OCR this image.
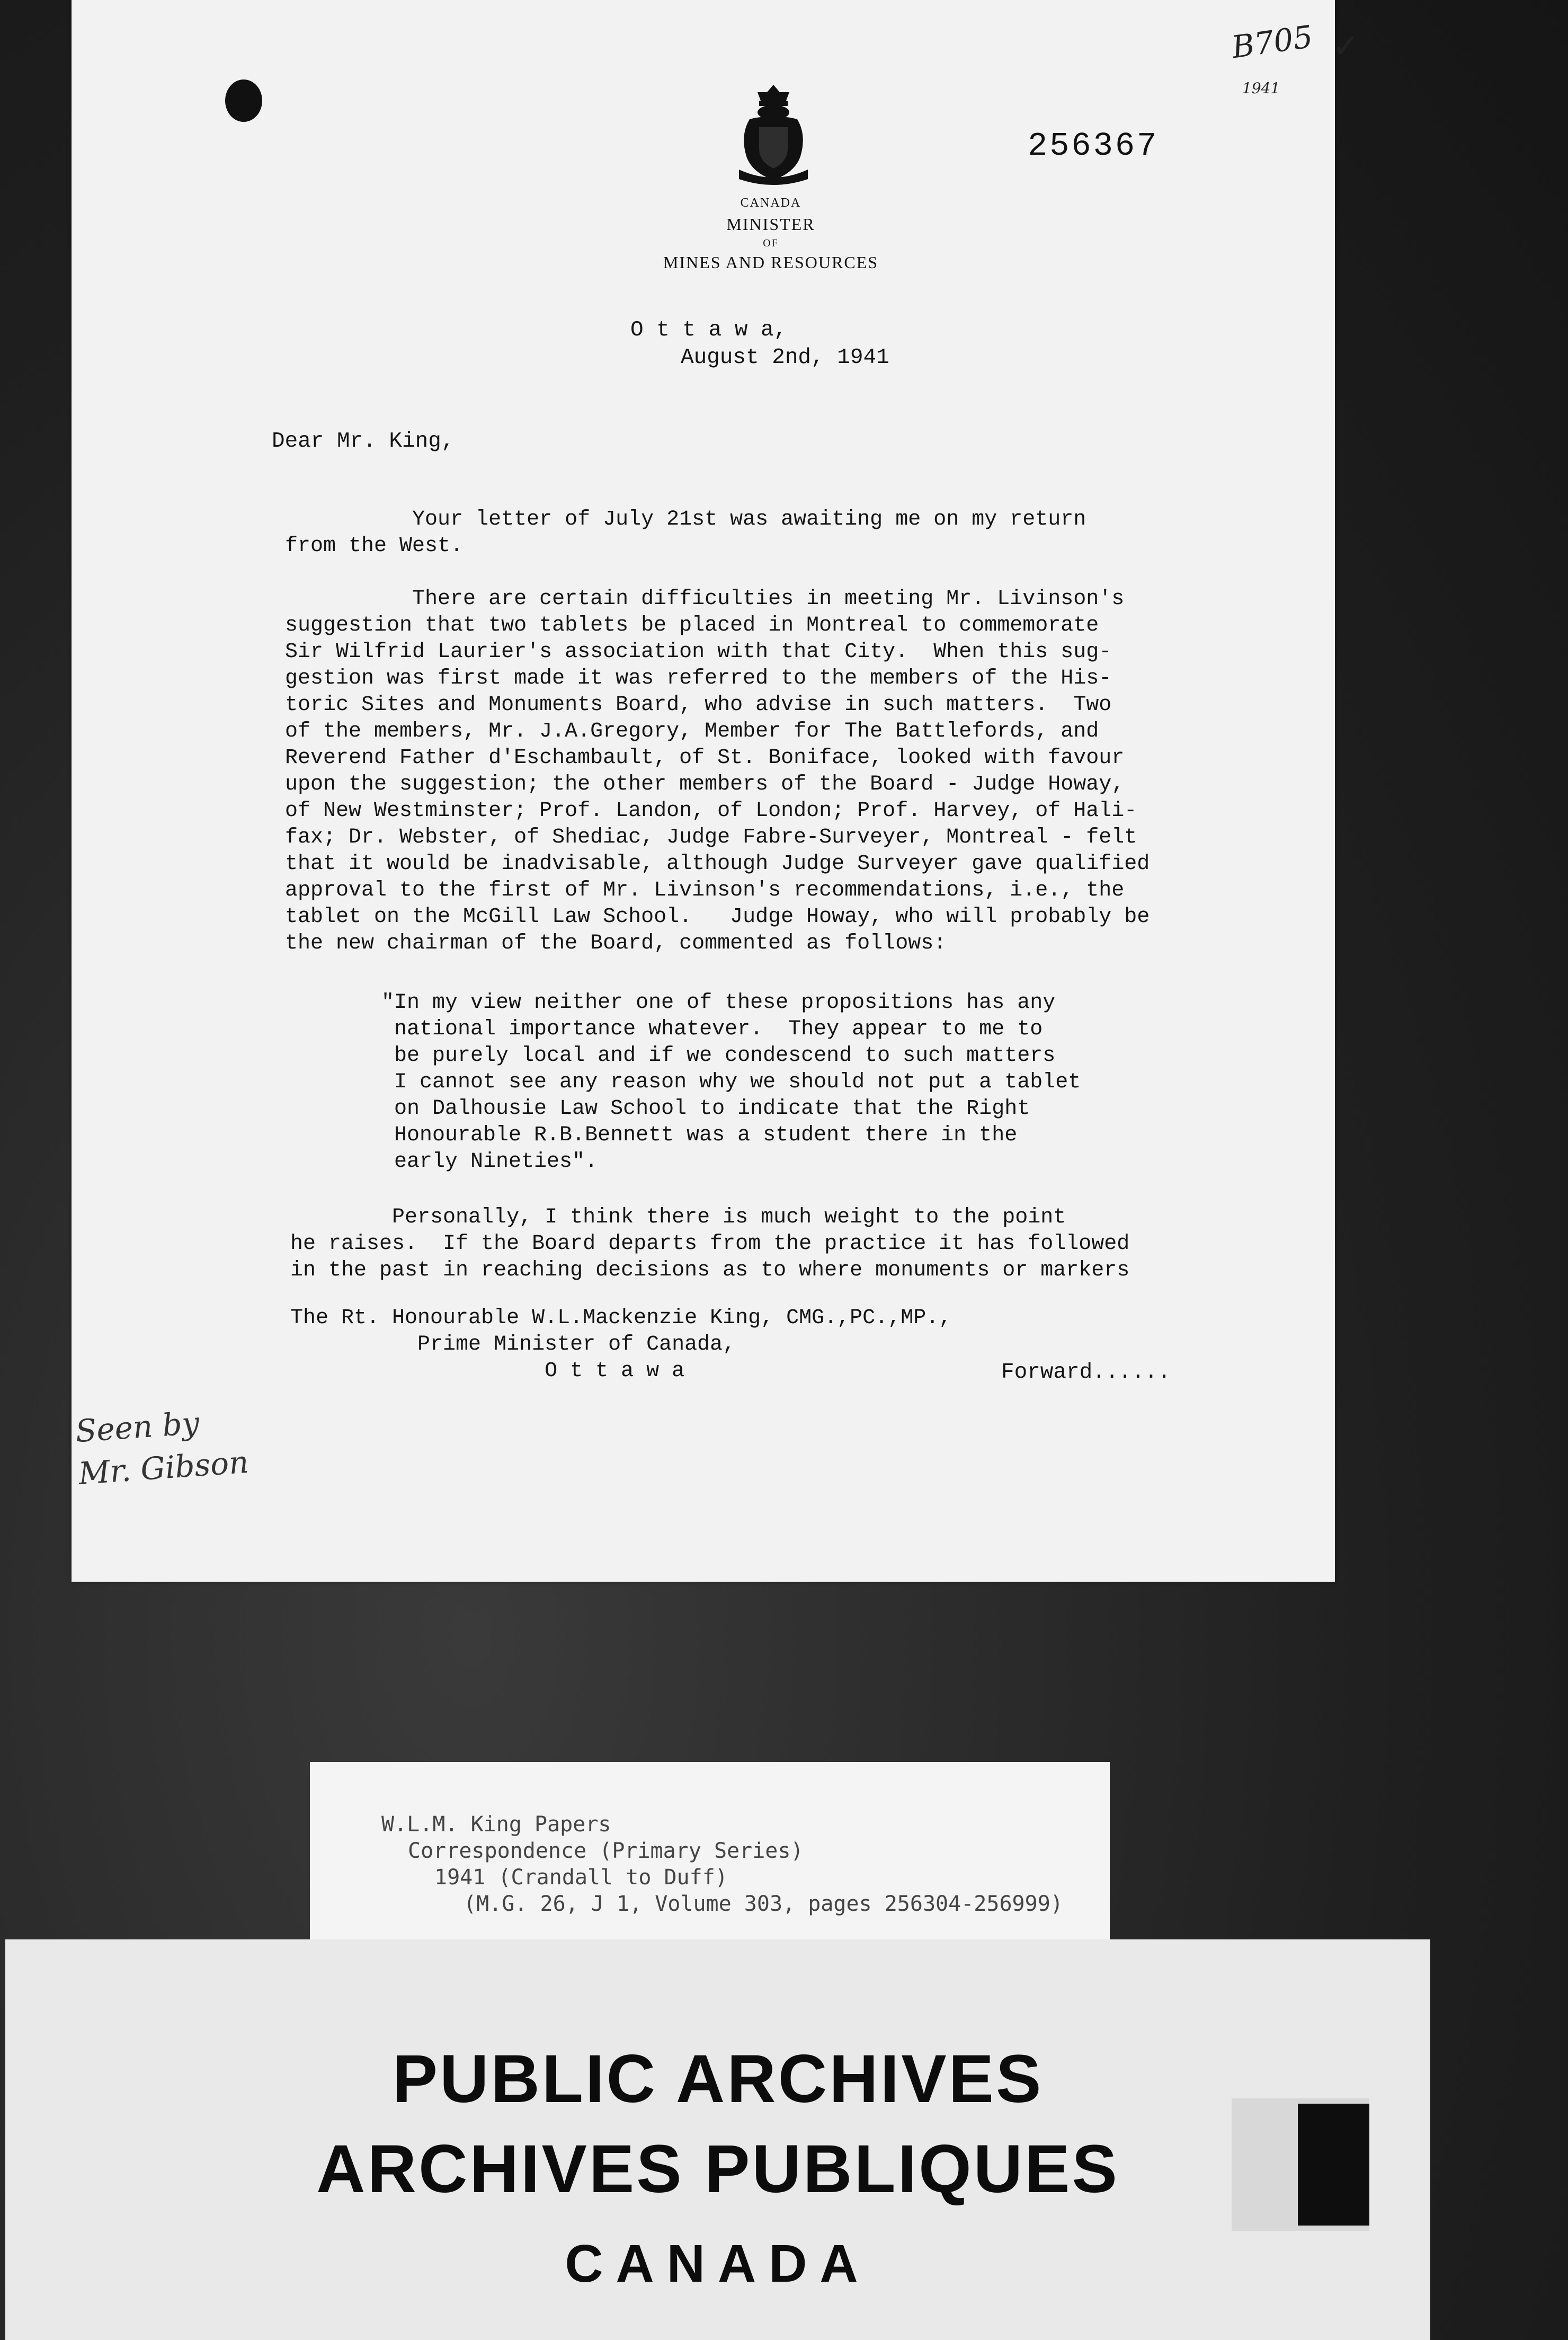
CANADA
MINISTER
OF
MINES AND RESOURCES
256367
B705
1941
✓
O t t a w a,
August 2nd, 1941
Dear Mr. King,
Your letter of July 21st was awaiting me on my return
from the West.
There are certain difficulties in meeting Mr. Livinson's
suggestion that two tablets be placed in Montreal to commemorate
Sir Wilfrid Laurier's association with that City.  When this sug-
gestion was first made it was referred to the members of the His-
toric Sites and Monuments Board, who advise in such matters.  Two
of the members, Mr. J.A.Gregory, Member for The Battlefords, and
Reverend Father d'Eschambault, of St. Boniface, looked with favour
upon the suggestion; the other members of the Board - Judge Howay,
of New Westminster; Prof. Landon, of London; Prof. Harvey, of Hali-
fax; Dr. Webster, of Shediac, Judge Fabre-Surveyer, Montreal - felt
that it would be inadvisable, although Judge Surveyer gave qualified
approval to the first of Mr. Livinson's recommendations, i.e., the
tablet on the McGill Law School.   Judge Howay, who will probably be
the new chairman of the Board, commented as follows:
"In my view neither one of these propositions has any
national importance whatever.  They appear to me to
be purely local and if we condescend to such matters
I cannot see any reason why we should not put a tablet
on Dalhousie Law School to indicate that the Right
Honourable R.B.Bennett was a student there in the
early Nineties".
Personally, I think there is much weight to the point
he raises.  If the Board departs from the practice it has followed
in the past in reaching decisions as to where monuments or markers
The Rt. Honourable W.L.Mackenzie King, CMG.,PC.,MP.,
Prime Minister of Canada,
O t t a w a	Forward......
Seen by
Mr. Gibson
W.L.M. King Papers
Correspondence (Primary Series)
1941 (Crandall to Duff)
(M.G. 26, J 1, Volume 303, pages 256304-256999)
PUBLIC ARCHIVES
ARCHIVES PUBLIQUES
CANADA
